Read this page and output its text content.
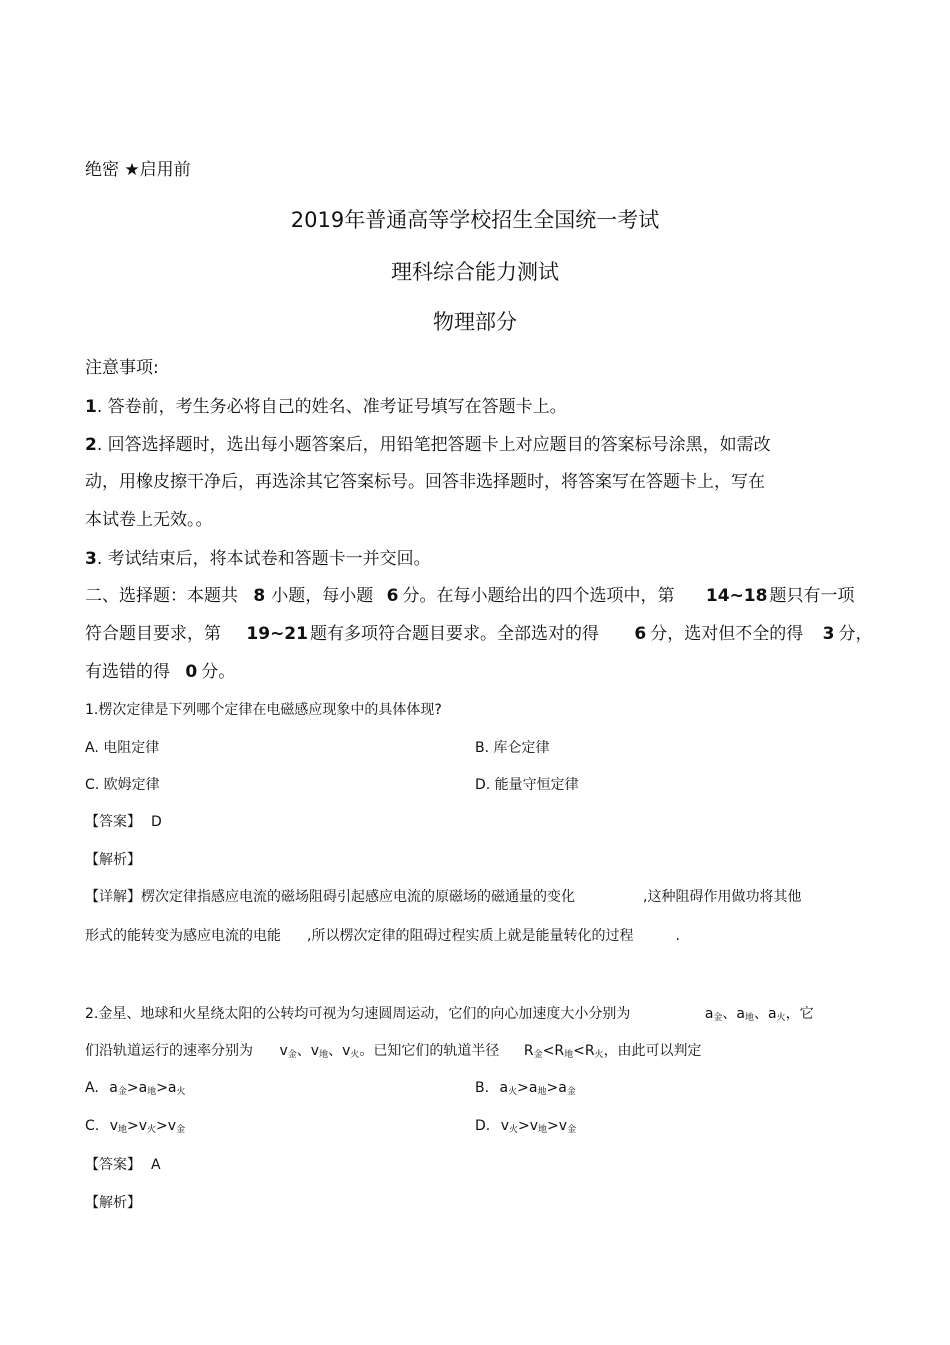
绝密 ★启用前
2019年普通高等学校招生全国统一考试
理科综合能力测试
物理部分
注意事项:
1. 答卷前，考生务必将自己的姓名、准考证号填写在答题卡上。
2. 回答选择题时，选出每小题答案后，用铅笔把答题卡上对应题目的答案标号涂黑，如需改
动，用橡皮擦干净后，再选涂其它答案标号。回答非选择题时，将答案写在答题卡上，写在
本试卷上无效。。
3. 考试结束后，将本试卷和答题卡一并交回。
二、选择题：本题共 8 小题，每小题 6 分。在每小题给出的四个选项中，第 14~18 题只有一项
符合题目要求，第 19~21 题有多项符合题目要求。全部选对的得 6 分，选对但不全的得 3 分，
有选错的得 0 分。
1.楞次定律是下列哪个定律在电磁感应现象中的具体体现?
A. 电阻定律	B. 库仑定律
C. 欧姆定律	D. 能量守恒定律
【答案】 D
【解析】
【详解】楞次定律指感应电流的磁场阻碍引起感应电流的原磁场的磁通量的变化	,这种阻碍作用做功将其他
形式的能转变为感应电流的电能 ,所以楞次定律的阻碍过程实质上就是能量转化的过程	.
2.金星、地球和火星绕太阳的公转均可视为匀速圆周运动，它们的向心加速度大小分别为	$a_金$、$a_地$、$a_火$，它
们沿轨道运行的速率分别为 $v_金$、$v_地$、$v_火$。已知它们的轨道半径 $R_金<R_地<R_火$，由此可以判定
A. $a_金>a_地>a_火$	B. $a_火>a_地>a_金$
C. $v_地>v_火>v_金$	D. $v_火>v_地>v_金$
【答案】 A
【解析】
